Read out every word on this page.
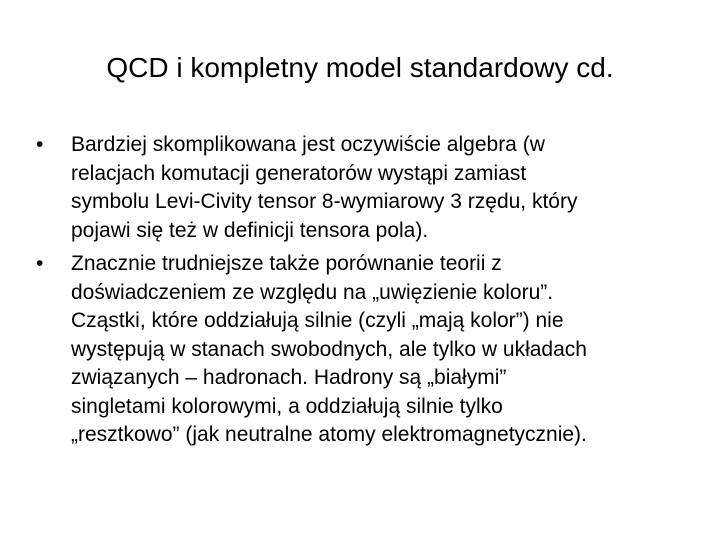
QCD i kompletny model standardowy cd.
•	Bardziej skomplikowana jest oczywiście algebra (w
relacjach komutacji generatorów wystąpi zamiast
symbolu Levi-Civity tensor 8-wymiarowy 3 rzędu, który
pojawi się też w definicji tensora pola).
•	Znacznie trudniejsze także porównanie teorii z
doświadczeniem ze względu na „uwięzienie koloru”.
Cząstki, które oddziałują silnie (czyli „mają kolor”) nie
występują w stanach swobodnych, ale tylko w układach
związanych – hadronach. Hadrony są „białymi”
singletami kolorowymi, a oddziałują silnie tylko
„resztkowo” (jak neutralne atomy elektromagnetycznie).
